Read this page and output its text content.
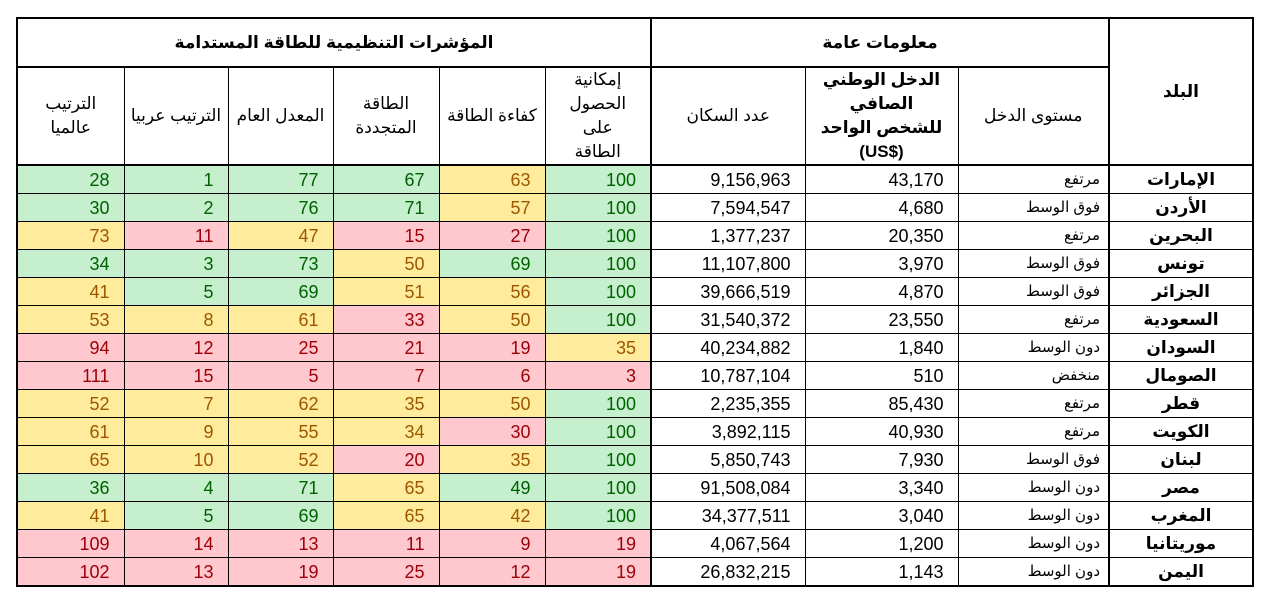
المؤشرات التنظيمية للطاقة المستدامة						معلومات عامة			البلد
الترتيب عالميا	الترتيب عربيا	المعدل العام	الطاقة المتجددة	كفاءة الطاقة	إمكانية الحصول على الطاقة	عدد السكان	الدخل الوطني الصافي للشخص الواحد (US$)	مستوى الدخل	
28	1	77	67	63	100	9,156,963	43,170	مرتفع	الإمارات
30	2	76	71	57	100	7,594,547	4,680	فوق الوسط	الأردن
73	11	47	15	27	100	1,377,237	20,350	مرتفع	البحرين
34	3	73	50	69	100	11,107,800	3,970	فوق الوسط	تونس
41	5	69	51	56	100	39,666,519	4,870	فوق الوسط	الجزائر
53	8	61	33	50	100	31,540,372	23,550	مرتفع	السعودية
94	12	25	21	19	35	40,234,882	1,840	دون الوسط	السودان
111	15	5	7	6	3	10,787,104	510	منخفض	الصومال
52	7	62	35	50	100	2,235,355	85,430	مرتفع	قطر
61	9	55	34	30	100	3,892,115	40,930	مرتفع	الكويت
65	10	52	20	35	100	5,850,743	7,930	فوق الوسط	لبنان
36	4	71	65	49	100	91,508,084	3,340	دون الوسط	مصر
41	5	69	65	42	100	34,377,511	3,040	دون الوسط	المغرب
109	14	13	11	9	19	4,067,564	1,200	دون الوسط	موريتانيا
102	13	19	25	12	19	26,832,215	1,143	دون الوسط	اليمن
